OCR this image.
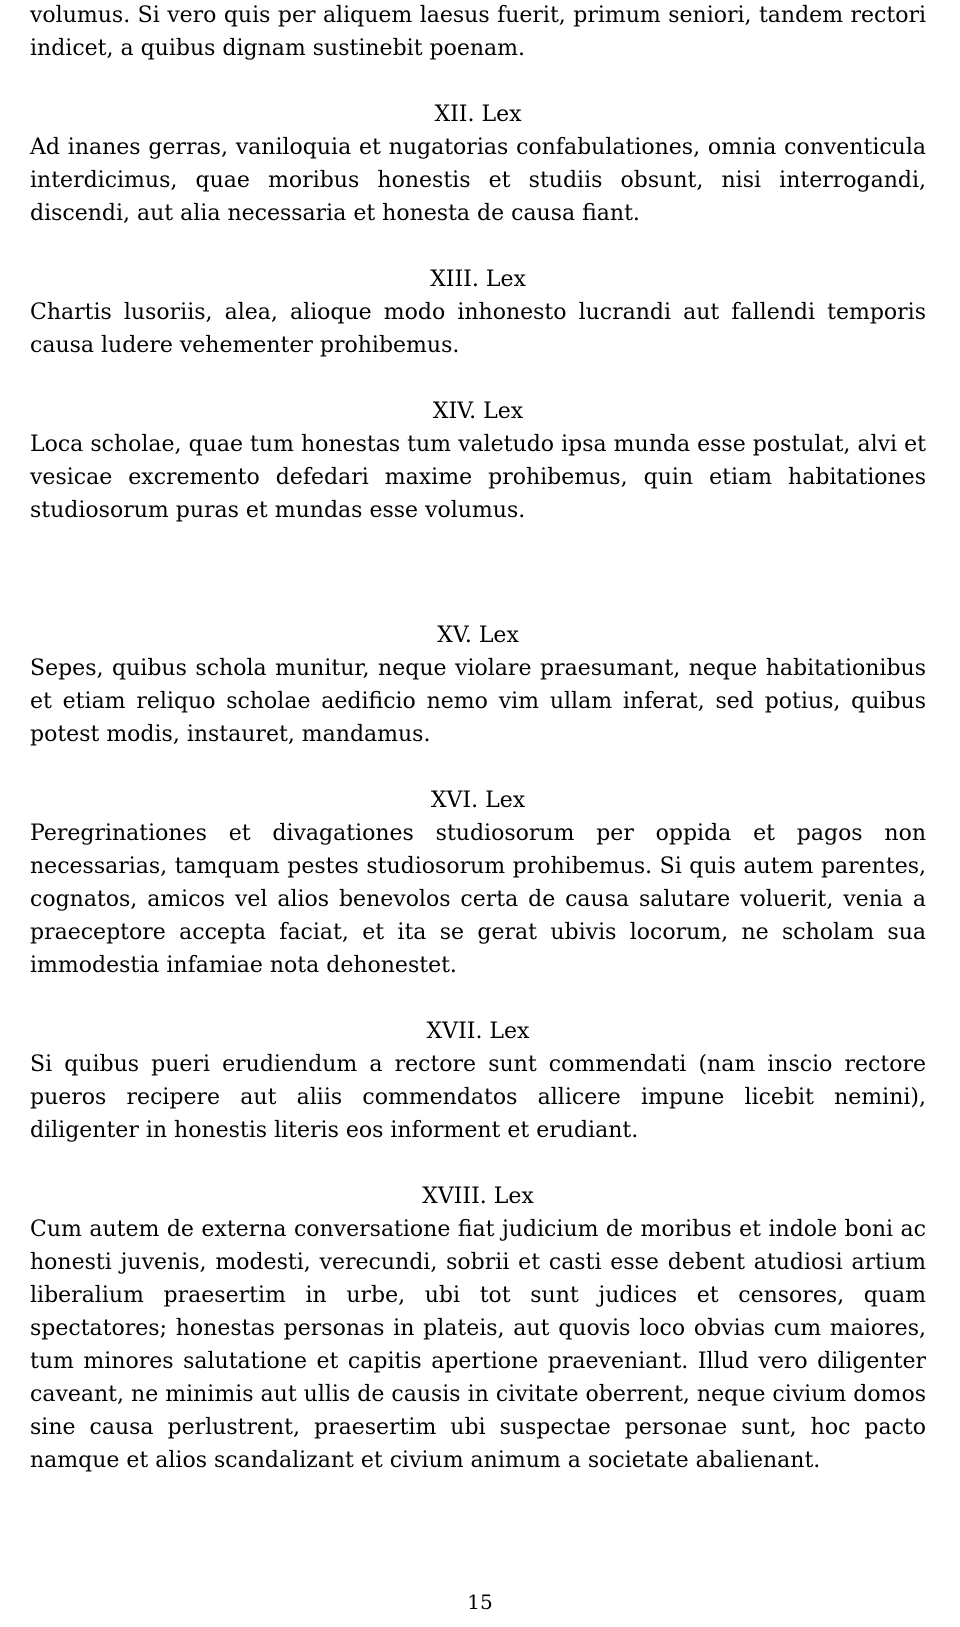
volumus. Si vero quis per aliquem laesus fuerit, primum seniori, tandem rectori indicet, a quibus dignam sustinebit poenam.

XII. Lex

Ad inanes gerras, vaniloquia et nugatorias confabulationes, omnia conventicula interdicimus, quae moribus honestis et studiis obsunt, nisi interrogandi, discendi, aut alia necessaria et honesta de causa fiant.

XIII. Lex

Chartis lusoriis, alea, alioque modo inhonesto lucrandi aut fallendi temporis causa ludere vehementer prohibemus.

XIV. Lex

Loca scholae, quae tum honestas tum valetudo ipsa munda esse postulat, alvi et vesicae excremento defedari maxime prohibemus, quin etiam habitationes studiosorum puras et mundas esse volumus.

XV. Lex

Sepes, quibus schola munitur, neque violare praesumant, neque habitationibus et etiam reliquo scholae aedificio nemo vim ullam inferat, sed potius, quibus potest modis, instauret, mandamus.

XVI. Lex

Peregrinationes et divagationes studiosorum per oppida et pagos non necessarias, tamquam pestes studiosorum prohibemus. Si quis autem parentes, cognatos, amicos vel alios benevolos certa de causa salutare voluerit, venia a praeceptore accepta faciat, et ita se gerat ubivis locorum, ne scholam sua immodestia infamiae nota dehonestet.

XVII. Lex

Si quibus pueri erudiendum a rectore sunt commendati (nam inscio rectore pueros recipere aut aliis commendatos allicere impune licebit nemini), diligenter in honestis literis eos informent et erudiant.

XVIII. Lex

Cum autem de externa conversatione fiat judicium de moribus et indole boni ac honesti juvenis, modesti, verecundi, sobrii et casti esse debent atudiosi artium liberalium praesertim in urbe, ubi tot sunt judices et censores, quam spectatores; honestas personas in plateis, aut quovis loco obvias cum maiores, tum minores salutatione et capitis apertione praeveniant. Illud vero diligenter caveant, ne minimis aut ullis de causis in civitate oberrent, neque civium domos sine causa perlustrent, praesertim ubi suspectae personae sunt, hoc pacto namque et alios scandalizant et civium animum a societate abalienant.

15
